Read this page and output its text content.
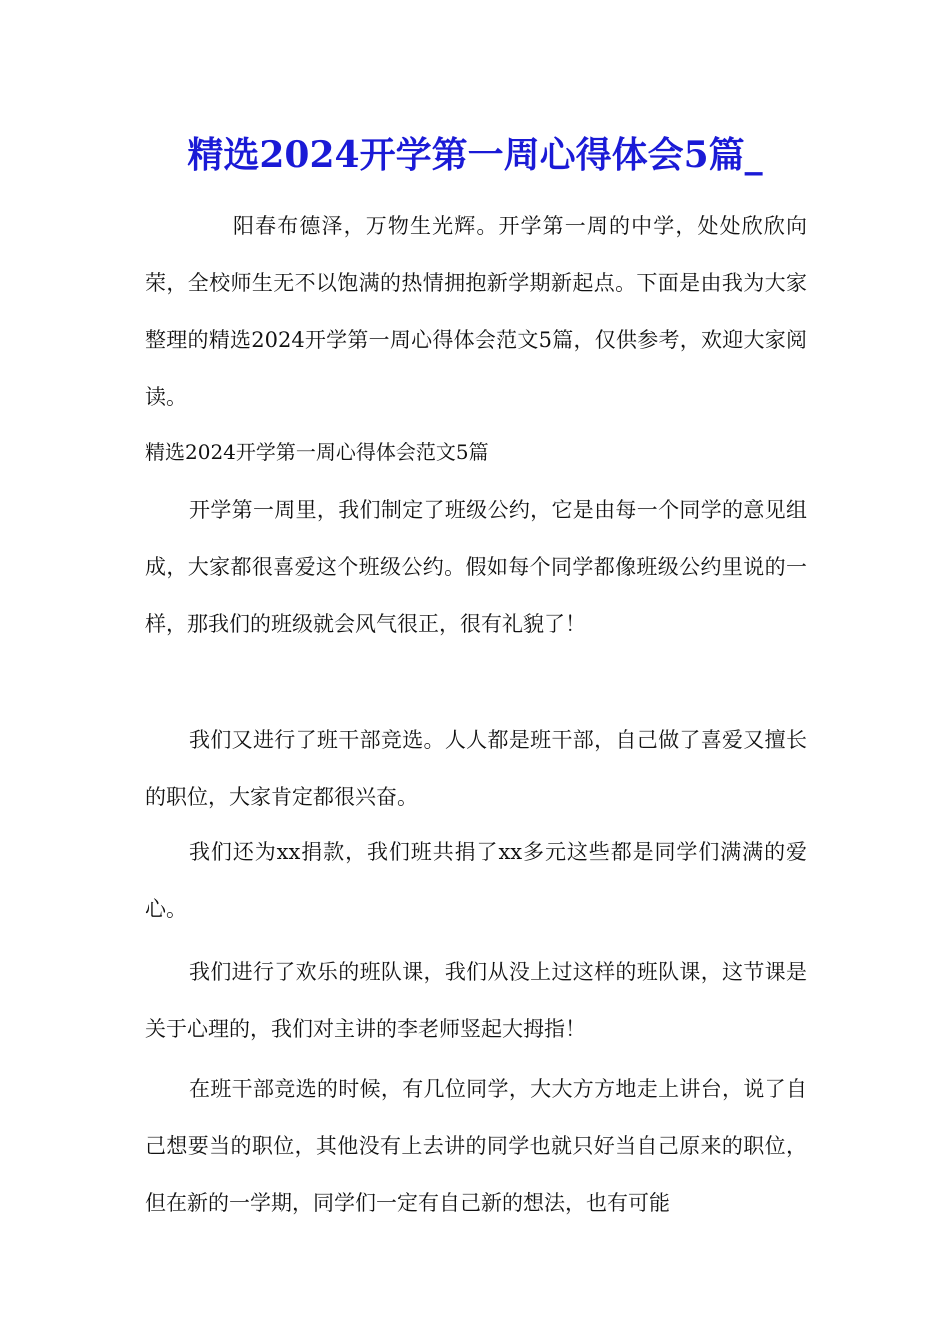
精选2024开学第一周心得体会5篇_

阳春布德泽，万物生光辉。开学第一周的中学，处处欣欣向荣，全校师生无不以饱满的热情拥抱新学期新起点。下面是由我为大家整理的精选2024开学第一周心得体会范文5篇，仅供参考，欢迎大家阅读。

精选2024开学第一周心得体会范文5篇

开学第一周里，我们制定了班级公约，它是由每一个同学的意见组成，大家都很喜爱这个班级公约。假如每个同学都像班级公约里说的一样，那我们的班级就会风气很正，很有礼貌了！

我们又进行了班干部竞选。人人都是班干部，自己做了喜爱又擅长的职位，大家肯定都很兴奋。

我们还为xx捐款，我们班共捐了xx多元这些都是同学们满满的爱心。

我们进行了欢乐的班队课，我们从没上过这样的班队课，这节课是关于心理的，我们对主讲的李老师竖起大拇指！

在班干部竞选的时候，有几位同学，大大方方地走上讲台，说了自己想要当的职位，其他没有上去讲的同学也就只好当自己原来的职位，但在新的一学期，同学们一定有自己新的想法，也有可能
